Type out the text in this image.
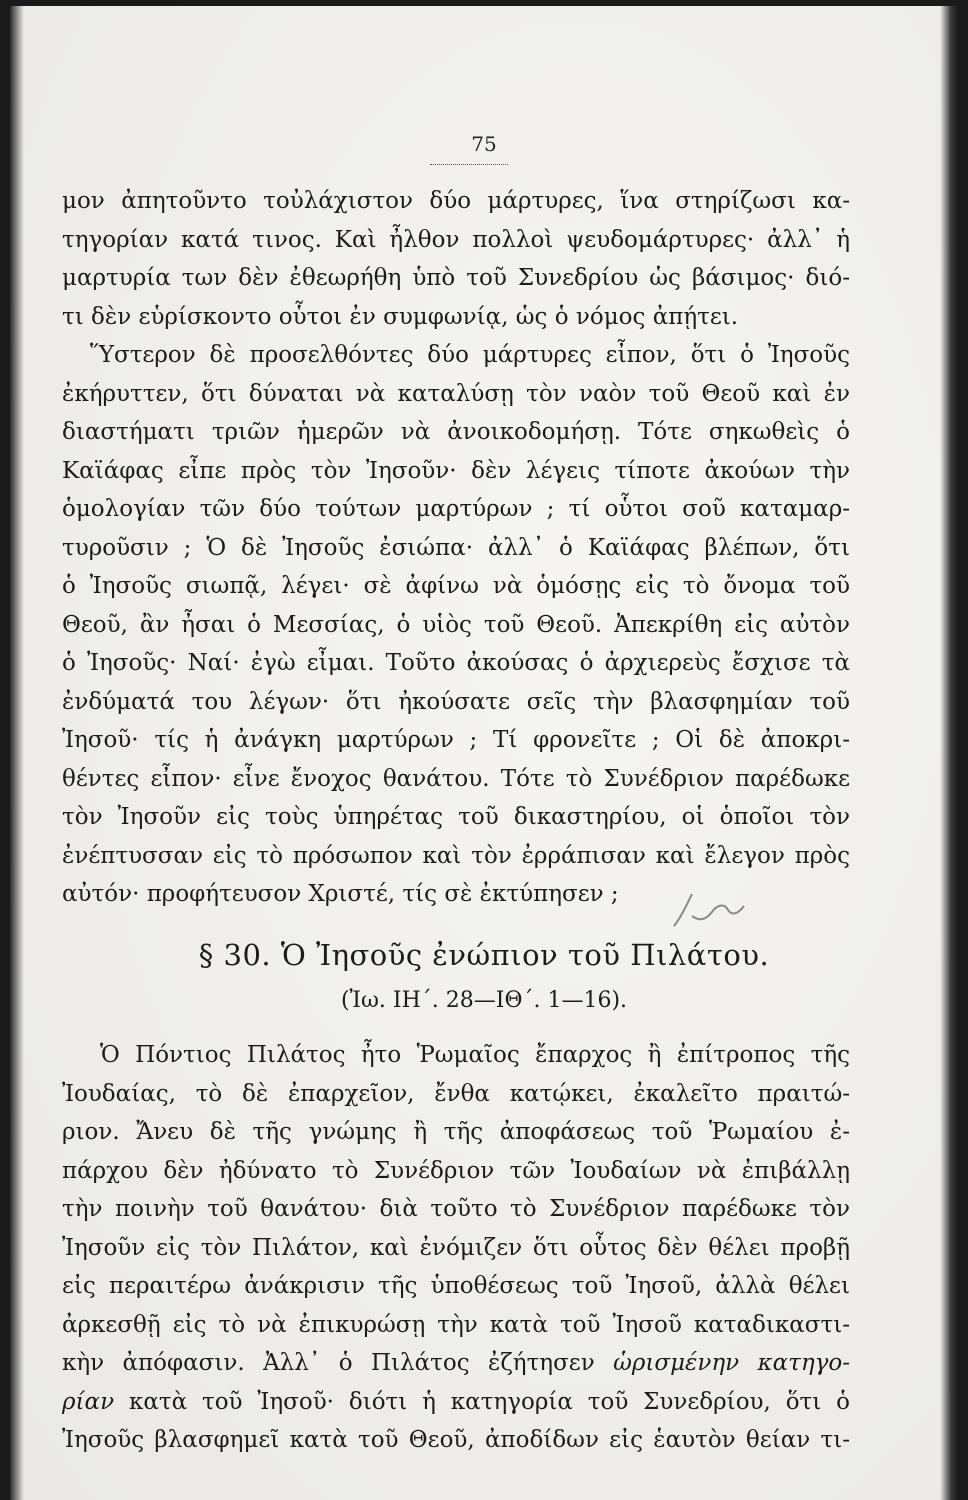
75
μον ἀπητοῦντο τοὐλάχιστον δύο μάρτυρες, ἵνα στηρίζωσι κα-
τηγορίαν κατά τινος. Καὶ ἦλθον πολλοὶ ψευδομάρτυρες· ἀλλ᾽ ἡ
μαρτυρία των δὲν ἐθεωρήθη ὑπὸ τοῦ Συνεδρίου ὡς βάσιμος· διό-
τι δὲν εὑρίσκοντο οὗτοι ἐν συμφωνίᾳ, ὡς ὁ νόμος ἀπῄτει.
Ὕστερον δὲ προσελθόντες δύο μάρτυρες εἶπον, ὅτι ὁ Ἰησοῦς
ἐκήρυττεν, ὅτι δύναται νὰ καταλύσῃ τὸν ναὸν τοῦ Θεοῦ καὶ ἐν
διαστήματι τριῶν ἡμερῶν νὰ ἀνοικοδομήσῃ. Τότε σηκωθεὶς ὁ
Καϊάφας εἶπε πρὸς τὸν Ἰησοῦν· δὲν λέγεις τίποτε ἀκούων τὴν
ὁμολογίαν τῶν δύο τούτων μαρτύρων ; τί οὗτοι σοῦ καταμαρ-
τυροῦσιν ; Ὁ δὲ Ἰησοῦς ἐσιώπα· ἀλλ᾽ ὁ Καϊάφας βλέπων, ὅτι
ὁ Ἰησοῦς σιωπᾷ, λέγει· σὲ ἀφίνω νὰ ὁμόσῃς εἰς τὸ ὄνομα τοῦ
Θεοῦ, ἂν ἦσαι ὁ Μεσσίας, ὁ υἱὸς τοῦ Θεοῦ. Ἀπεκρίθη εἰς αὐτὸν
ὁ Ἰησοῦς· Ναί· ἐγὼ εἶμαι. Τοῦτο ἀκούσας ὁ ἀρχιερεὺς ἔσχισε τὰ
ἐνδύματά του λέγων· ὅτι ἠκούσατε σεῖς τὴν βλασφημίαν τοῦ
Ἰησοῦ· τίς ἡ ἀνάγκη μαρτύρων ; Τί φρονεῖτε ; Οἱ δὲ ἀποκρι-
θέντες εἶπον· εἶνε ἔνοχος θανάτου. Τότε τὸ Συνέδριον παρέδωκε
τὸν Ἰησοῦν εἰς τοὺς ὑπηρέτας τοῦ δικαστηρίου, οἱ ὁποῖοι τὸν
ἐνέπτυσσαν εἰς τὸ πρόσωπον καὶ τὸν ἐρράπισαν καὶ ἔλεγον πρὸς
αὐτόν· προφήτευσον Χριστέ, τίς σὲ ἐκτύπησεν ;
§ 30. Ὁ Ἰησοῦς ἐνώπιον τοῦ Πιλάτου.
(Ἰω. ΙΗ΄. 28—ΙΘ΄. 1—16).
Ὁ Πόντιος Πιλάτος ἦτο Ῥωμαῖος ἔπαρχος ἢ ἐπίτροπος τῆς
Ἰουδαίας, τὸ δὲ ἐπαρχεῖον, ἔνθα κατῴκει, ἐκαλεῖτο πραιτώ-
ριον. Ἄνευ δὲ τῆς γνώμης ἢ τῆς ἀποφάσεως τοῦ Ῥωμαίου ἐ-
πάρχου δὲν ἠδύνατο τὸ Συνέδριον τῶν Ἰουδαίων νὰ ἐπιβάλλῃ
τὴν ποινὴν τοῦ θανάτου· διὰ τοῦτο τὸ Συνέδριον παρέδωκε τὸν
Ἰησοῦν εἰς τὸν Πιλάτον, καὶ ἐνόμιζεν ὅτι οὗτος δὲν θέλει προβῇ
εἰς περαιτέρω ἀνάκρισιν τῆς ὑποθέσεως τοῦ Ἰησοῦ, ἀλλὰ θέλει
ἀρκεσθῇ εἰς τὸ νὰ ἐπικυρώσῃ τὴν κατὰ τοῦ Ἰησοῦ καταδικαστι-
κὴν ἀπόφασιν. Ἀλλ᾽ ὁ Πιλάτος ἐζήτησεν ὡρισμένην κατηγο-
ρίαν κατὰ τοῦ Ἰησοῦ· διότι ἡ κατηγορία τοῦ Συνεδρίου, ὅτι ὁ
Ἰησοῦς βλασφημεῖ κατὰ τοῦ Θεοῦ, ἀποδίδων εἰς ἑαυτὸν θείαν τι-
